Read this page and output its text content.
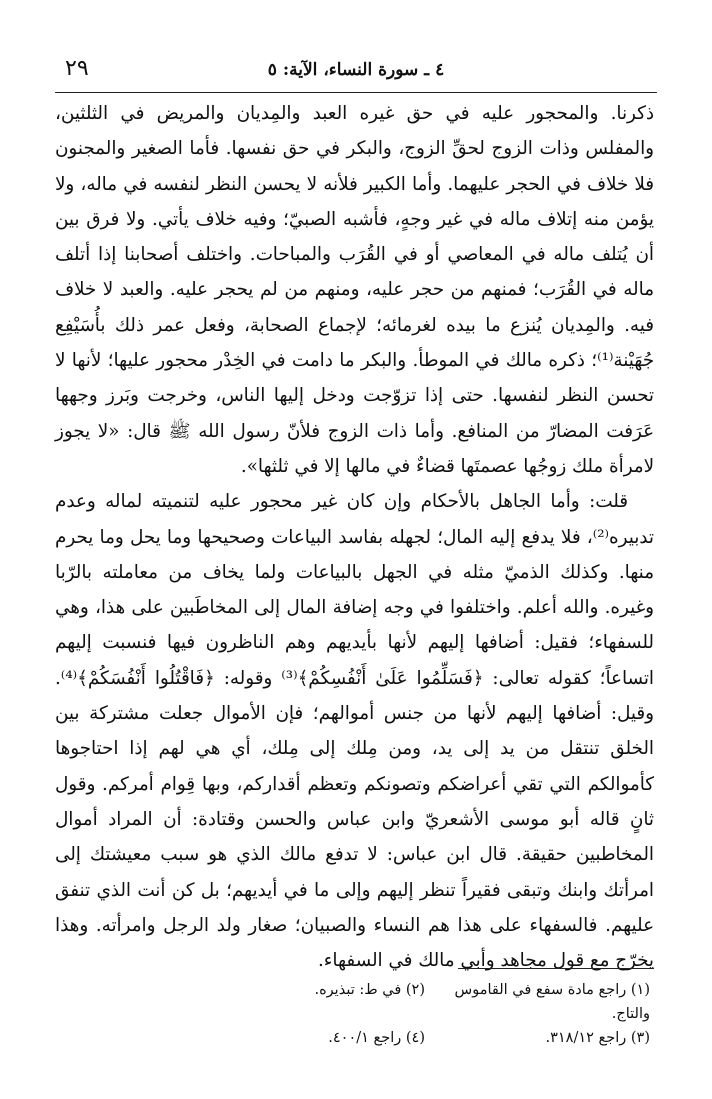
٤ ـ سورة النساء، الآية: ٥
٢٩

ذكرنا. والمحجور عليه في حق غيره العبد والمِديان والمريض في الثلثين، والمفلس وذات الزوج لحقِّ الزوج، والبكر في حق نفسها. فأما الصغير والمجنون فلا خلاف في الحجر عليهما. وأما الكبير فلأنه لا يحسن النظر لنفسه في ماله، ولا يؤمن منه إتلاف ماله في غير وجهٍ، فأشبه الصبيّ؛ وفيه خلاف يأتي. ولا فرق بين أن يُتلف ماله في المعاصي أو في القُرَب والمباحات. واختلف أصحابنا إذا أتلف ماله في القُرَب؛ فمنهم من حجر عليه، ومنهم من لم يحجر عليه. والعبد لا خلاف فيه. والمِديان يُنزع ما بيده لغرمائه؛ لإجماع الصحابة، وفعل عمر ذلك بأُسَيْفِع جُهَيْنة⁽¹⁾؛ ذكره مالك في الموطأ. والبكر ما دامت في الخِدْر محجور عليها؛ لأنها لا تحسن النظر لنفسها. حتى إذا تزوّجت ودخل إليها الناس، وخرجت وبَرز وجهها عَرَفت المضارّ من المنافع. وأما ذات الزوج فلأنّ رسول الله ﷺ قال: «لا يجوز لامرأة ملك زوجُها عصمتَها قضاءٌ في مالها إلا في ثلثها».

قلت: وأما الجاهل بالأحكام وإن كان غير محجور عليه لتنميته لماله وعدم تدبيره⁽²⁾، فلا يدفع إليه المال؛ لجهله بفاسد البياعات وصحيحها وما يحل وما يحرم منها. وكذلك الذميّ مثله في الجهل بالبياعات ولما يخاف من معاملته بالرّبا وغيره. والله أعلم. واختلفوا في وجه إضافة المال إلى المخاطَبين على هذا، وهي للسفهاء؛ فقيل: أضافها إليهم لأنها بأيديهم وهم الناظرون فيها فنسبت إليهم اتساعاً؛ كقوله تعالى: ﴿فَسَلِّمُوا عَلَىٰ أَنْفُسِكُمْ﴾⁽³⁾ وقوله: ﴿فَاقْتُلُوا أَنْفُسَكُمْ﴾⁽⁴⁾. وقيل: أضافها إليهم لأنها من جنس أموالهم؛ فإن الأموال جعلت مشتركة بين الخلق تنتقل من يد إلى يد، ومن مِلك إلى مِلك، أي هي لهم إذا احتاجوها كأموالكم التي تقي أعراضكم وتصونكم وتعظم أقداركم، وبها قِوام أمركم. وقول ثانٍ قاله أبو موسى الأشعريّ وابن عباس والحسن وقتادة: أن المراد أموال المخاطبين حقيقة. قال ابن عباس: لا تدفع مالك الذي هو سبب معيشتك إلى امرأتك وابنك وتبقى فقيراً تنظر إليهم وإلى ما في أيديهم؛ بل كن أنت الذي تنفق عليهم. فالسفهاء على هذا هم النساء والصبيان؛ صغار ولد الرجل وامرأته. وهذا يخرّج مع قول مجاهد وأبي مالك في السفهاء.

(١) راجع مادة سفع في القاموس والتاج.
(٢) في ط: تبذيره.
(٣) راجع ٣١٨/١٢.
(٤) راجع ٤٠٠/١.
